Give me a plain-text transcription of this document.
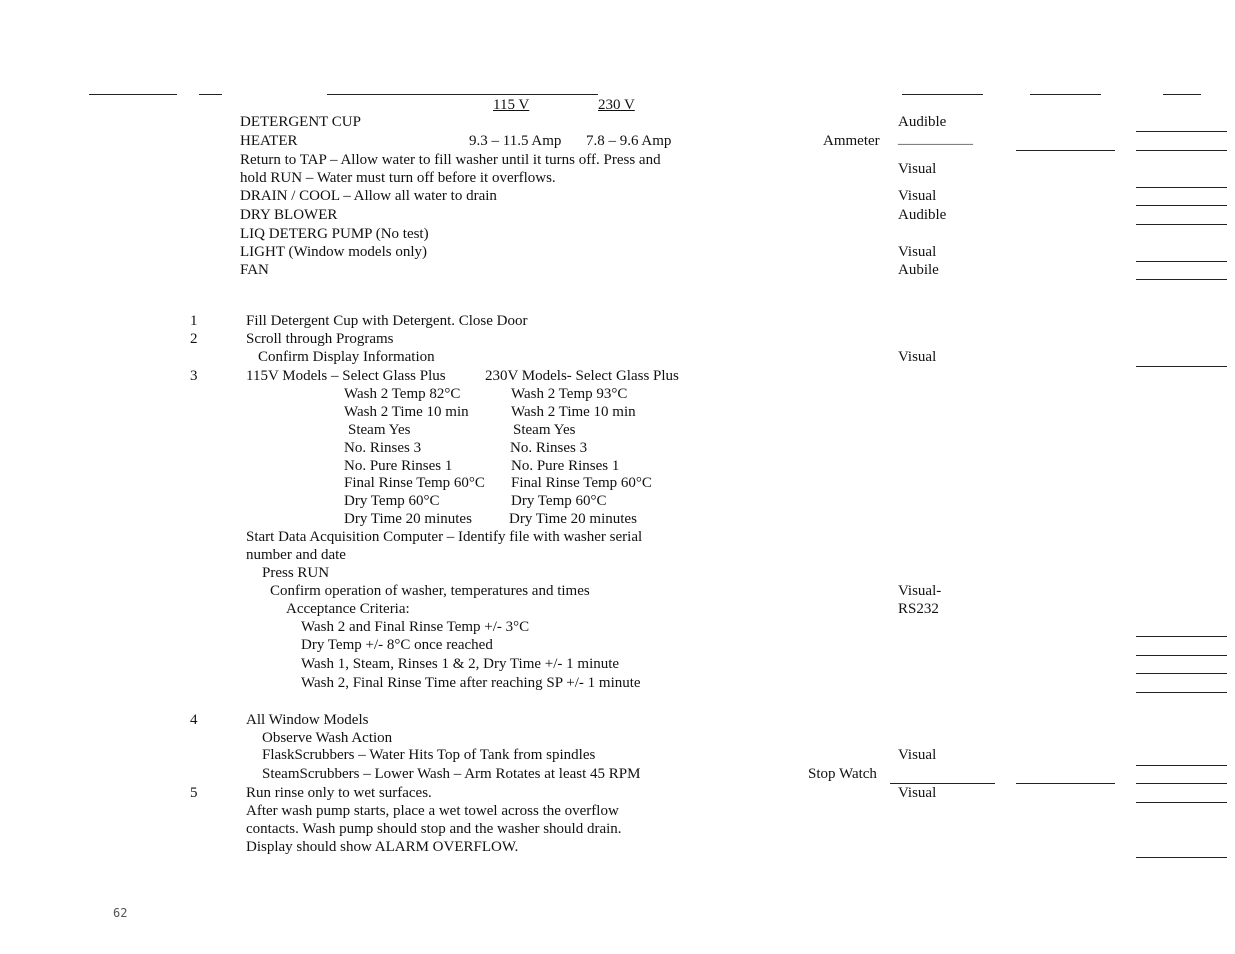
115 V	230 V
DETERGENT CUP	Audible
HEATER	9.3 – 11.5 Amp 7.8 – 9.6 Amp	Ammeter __________
Return to TAP – Allow water to fill washer until it turns off. Press and
hold RUN – Water must turn off before it overflows.
Visual
DRAIN / COOL – Allow all water to drain	Visual
DRY BLOWER	Audible
LIQ DETERG PUMP (No test)
LIGHT (Window models only)	Visual
FAN	Aubile
1	Fill Detergent Cup with Detergent. Close Door
2	Scroll through Programs
Confirm Display Information	Visual
3	115V Models – Select Glass Plus	230V Models- Select Glass Plus
Wash 2 Temp 82°C	Wash 2 Temp 93°C
Wash 2 Time 10 min	Wash 2 Time 10 min
Steam Yes	Steam Yes
No. Rinses 3	No. Rinses 3
No. Pure Rinses 1	No. Pure Rinses 1
Final Rinse Temp 60°C Final Rinse Temp 60°C
Dry Temp 60°C	Dry Temp 60°C
Dry Time 20 minutes Dry Time 20 minutes
Start Data Acquisition Computer – Identify file with washer serial
number and date
Press RUN
Confirm operation of washer, temperatures and times	Visual-
Acceptance Criteria:	RS232
Wash 2 and Final Rinse Temp +/- 3°C
Dry Temp +/- 8°C once reached
Wash 1, Steam, Rinses 1 & 2, Dry Time +/- 1 minute
Wash 2, Final Rinse Time after reaching SP +/- 1 minute
4	All Window Models
Observe Wash Action
FlaskScrubbers – Water Hits Top of Tank from spindles	Visual
SteamScrubbers – Lower Wash – Arm Rotates at least 45 RPM	Stop Watch
5	Run rinse only to wet surfaces.	Visual
After wash pump starts, place a wet towel across the overflow
contacts. Wash pump should stop and the washer should drain.
Display should show ALARM OVERFLOW.
62
